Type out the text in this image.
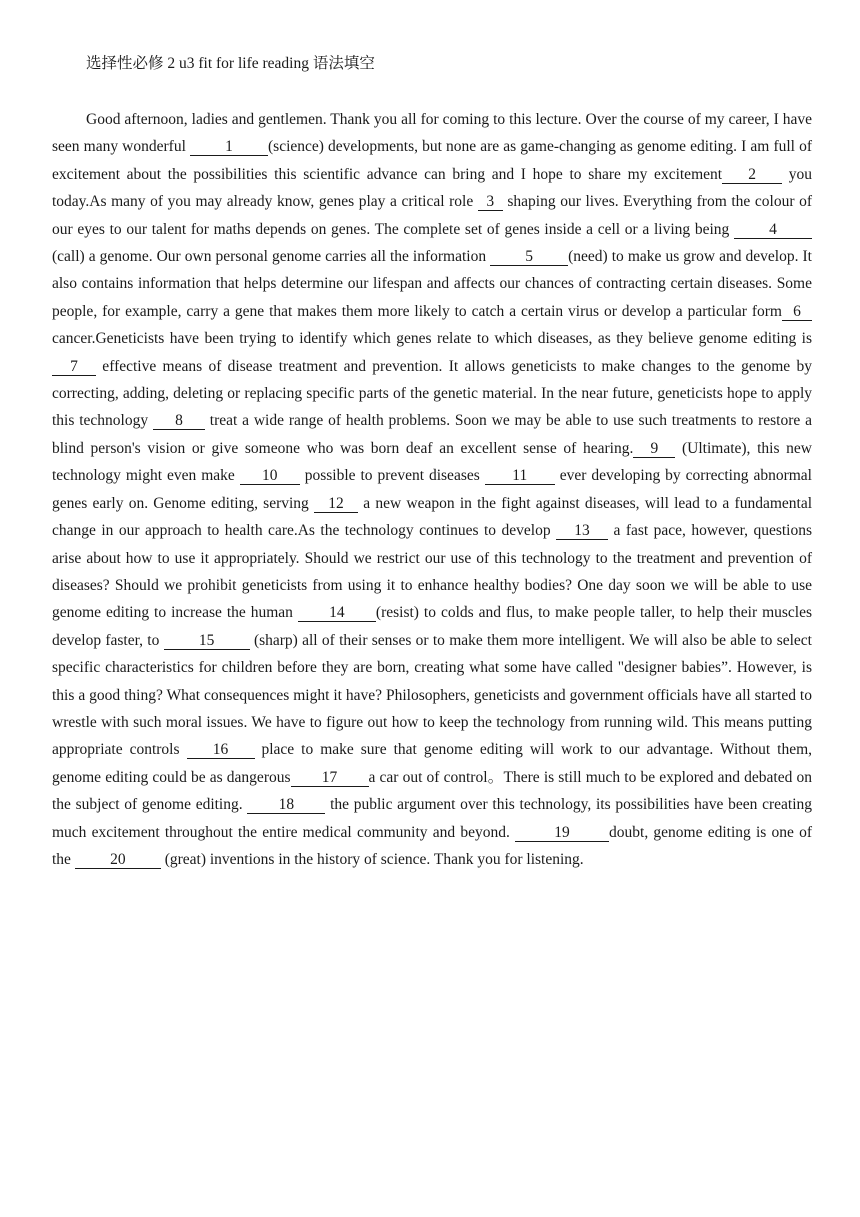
选择性必修 2 u3 fit for life reading 语法填空

Good afternoon, ladies and gentlemen. Thank you all for coming to this lecture. Over the course of my career, I have seen many wonderful 1 (science) developments, but none are as game-changing as genome editing. I am full of excitement about the possibilities this scientific advance can bring and I hope to share my excitement 2 you today.As many of you may already know, genes play a critical role 3 shaping our lives. Everything from the colour of our eyes to our talent for maths depends on genes. The complete set of genes inside a cell or a living being 4(call) a genome. Our own personal genome carries all the information 5 (need) to make us grow and develop. It also contains information that helps determine our lifespan and affects our chances of contracting certain diseases. Some people, for example, carry a gene that makes them more likely to catch a certain virus or develop a particular form 6 cancer.Geneticists have been trying to identify which genes relate to which diseases, as they believe genome editing is7 effective means of disease treatment and prevention. It allows geneticists to make changes to the genome by correcting, adding, deleting or replacing specific parts of the genetic material. In the near future, geneticists hope to apply this technology 8 treat a wide range of health problems. Soon we may be able to use such treatments to restore a blind person's vision or give someone who was born deaf an excellent sense of hearing. 9 (Ultimate), this new technology might even make 10 possible to prevent diseases 11 ever developing by correcting abnormal genes early on. Genome editing, serving 12 a new weapon in the fight against diseases, will lead to a fundamental change in our approach to health care.As the technology continues to develop 13 a fast pace, however, questions arise about how to use it appropriately. Should we restrict our use of this technology to the treatment and prevention of diseases? Should we prohibit geneticists from using it to enhance healthy bodies? One day soon we will be able to use genome editing to increase the human 14 (resist) to colds and flus, to make people taller, to help their muscles develop faster, to 15 (sharp) all of their senses or to make them more intelligent. We will also be able to select specific characteristics for children before they are born, creating what some have called "designer babies”. However, is this a good thing? What consequences might it have? Philosophers, geneticists and government officials have all started to wrestle with such moral issues. We have to figure out how to keep the technology from running wild. This means putting appropriate controls 16 place to make sure that genome editing will work to our advantage. Without them, genome editing could be as dangerous 17 a car out of control。There is still much to be explored and debated on the subject of genome editing. 18 the public argument over this technology, its possibilities have been creating much excitement throughout the entire medical community and beyond.	19	doubt, genome editing is one of the 20 (great) inventions in the history of science. Thank you for listening.
